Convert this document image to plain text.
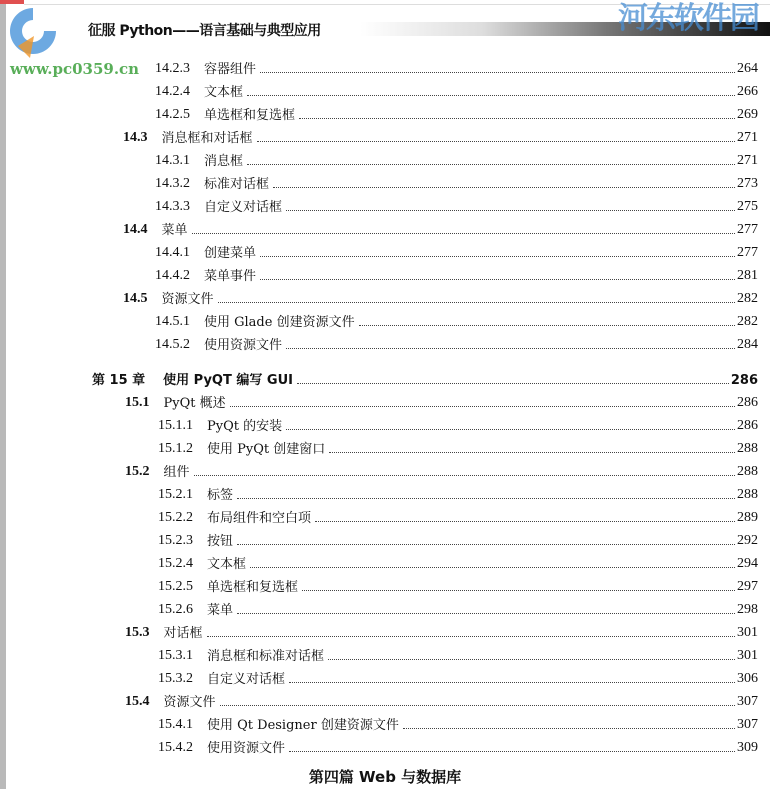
征服 Python——语言基础与典型应用	河东软件园
www.pc0359.cn 14.2.3 容器组件	264
14.2.4 文本框	266
14.2.5 单选框和复选框	269
14.3 消息框和对话框	271
14.3.1 消息框	271
14.3.2 标准对话框	273
14.3.3 自定义对话框	275
14.4 菜单	277
14.4.1 创建菜单	277
14.4.2 菜单事件	281
14.5 资源文件	282
14.5.1 使用 Glade 创建资源文件	282
14.5.2 使用资源文件	284
第 15 章 使用 PyQT 编写 GUI	286
15.1 PyQt 概述	286
15.1.1 PyQt 的安装	286
15.1.2 使用 PyQt 创建窗口	288
15.2 组件	288
15.2.1 标签	288
15.2.2 布局组件和空白项	289
15.2.3 按钮	292
15.2.4 文本框	294
15.2.5 单选框和复选框	297
15.2.6 菜单	298
15.3 对话框	301
15.3.1 消息框和标准对话框	301
15.3.2 自定义对话框	306
15.4 资源文件	307
15.4.1 使用 Qt Designer 创建资源文件	307
15.4.2 使用资源文件	309
第四篇 Web 与数据库
